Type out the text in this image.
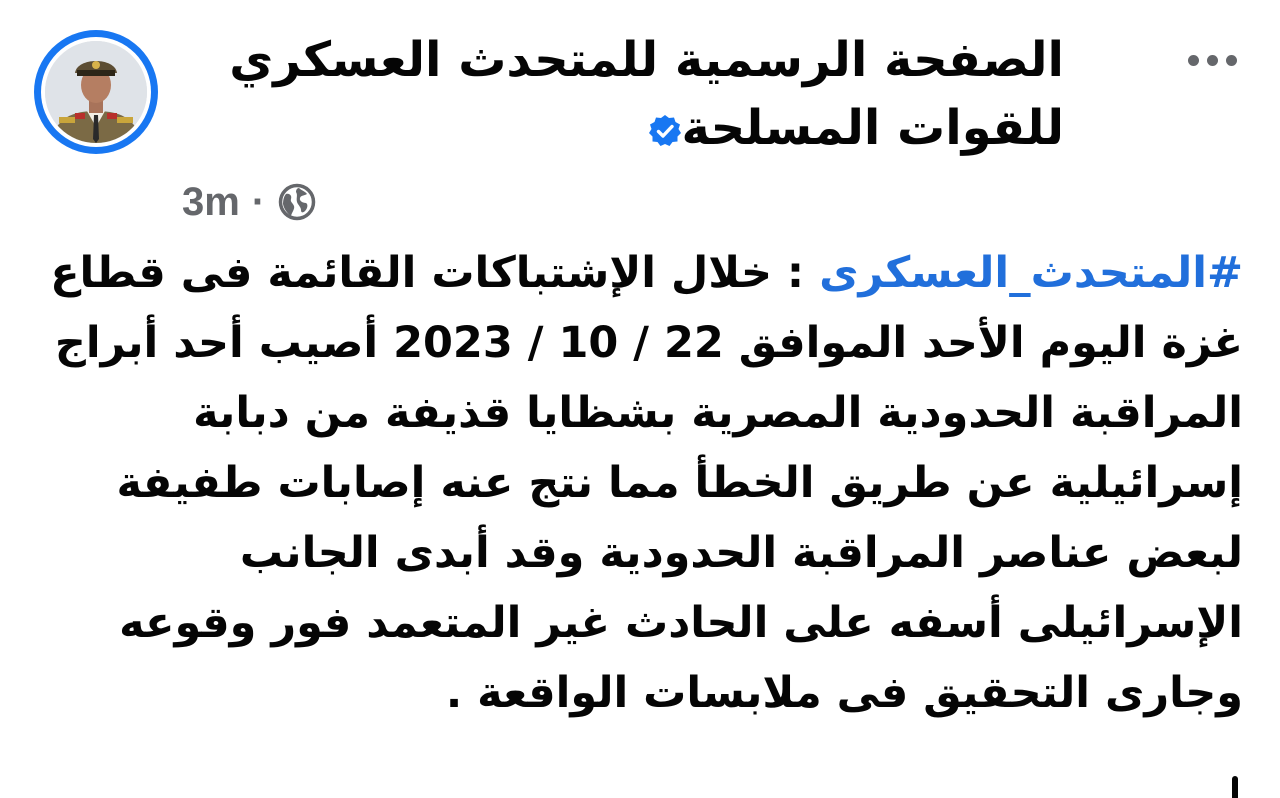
الصفحة الرسمية للمتحدث العسكري للقوات المسلحة
3m ·
#المتحدث_العسكرى : خلال الإشتباكات القائمة فى قطاع غزة اليوم الأحد الموافق 22 / 10 / 2023 أصيب أحد أبراج المراقبة الحدودية المصرية بشظايا قذيفة من دبابة إسرائيلية عن طريق الخطأ مما نتج عنه إصابات طفيفة لبعض عناصر المراقبة الحدودية وقد أبدى الجانب الإسرائيلى أسفه على الحادث غير المتعمد فور وقوعه وجارى التحقيق فى ملابسات الواقعة .
